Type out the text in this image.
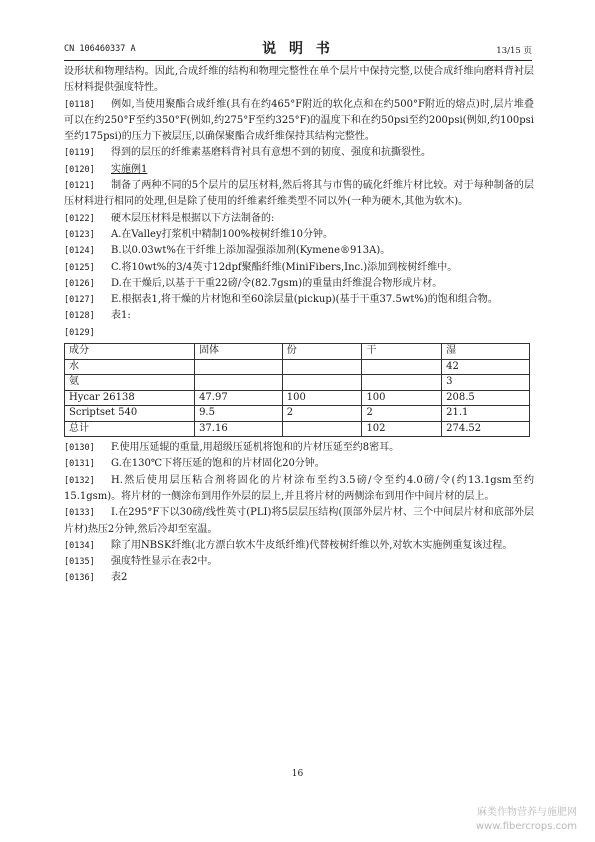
CN 106460337 A	说 明 书	13/15 页
设形状和物理结构。因此,合成纤维的结构和物理完整性在单个层片中保持完整,以使合成纤维向磨料背衬层压材料提供强度特性。
[0118] 例如,当使用聚酯合成纤维(具有在约465°F附近的软化点和在约500°F附近的熔点)时,层片堆叠可以在约250°F至约350°F(例如,约275°F至约325°F)的温度下和在约50psi至约200psi(例如,约100psi至约175psi)的压力下被层压,以确保聚酯合成纤维保持其结构完整性。
[0119] 得到的层压的纤维素基磨料背衬具有意想不到的韧度、强度和抗撕裂性。
[0120] 实施例1
[0121] 制备了两种不同的5个层片的层压材料,然后将其与市售的硫化纤维片材比较。对于每种制备的层压材料进行相同的处理,但是除了使用的纤维素纤维类型不同以外(一种为硬木,其他为软木)。
[0122] 硬木层压材料是根据以下方法制备的:
[0123] A.在Valley打浆机中精制100%桉树纤维10分钟。
[0124] B.以0.03wt%在干纤维上添加湿强添加剂(Kymene®913A)。
[0125] C.将10wt%的3/4英寸12dpf聚酯纤维(MiniFibers,Inc.)添加到桉树纤维中。
[0126] D.在干燥后,以基于干重22磅/令(82.7gsm)的重量由纤维混合物形成片材。
[0127] E.根据表1,将干燥的片材饱和至60涂层量(pickup)(基于干重37.5wt%)的饱和组合物。
[0128] 表1:
[0129]
成分	固体	份	干	湿
水				42
氨				3
Hycar 26138	47.97	100	100	208.5
Scriptset 540	9.5	2	2	21.1
总计	37.16		102	274.52
[0130] F.使用压延辊的重量,用超级压延机将饱和的片材压延至约8密耳。
[0131] G.在130℃下将压延的饱和的片材固化20分钟。
[0132] H.然后使用层压粘合剂将固化的片材涂布至约3.5磅/令至约4.0磅/令(约13.1gsm至约15.1gsm)。将片材的一侧涂布到用作外层的层上,并且将片材的两侧涂布到用作中间片材的层上。
[0133] I.在295°F下以30磅/线性英寸(PLI)将5层层压结构(顶部外层片材、三个中间层片材和底部外层片材)热压2分钟,然后冷却至室温。
[0134] 除了用NBSK纤维(北方漂白软木牛皮纸纤维)代替桉树纤维以外,对软木实施例重复该过程。
[0135] 强度特性显示在表2中。
[0136] 表2
16
麻类作物营养与施肥网
www.fibercrops.com
